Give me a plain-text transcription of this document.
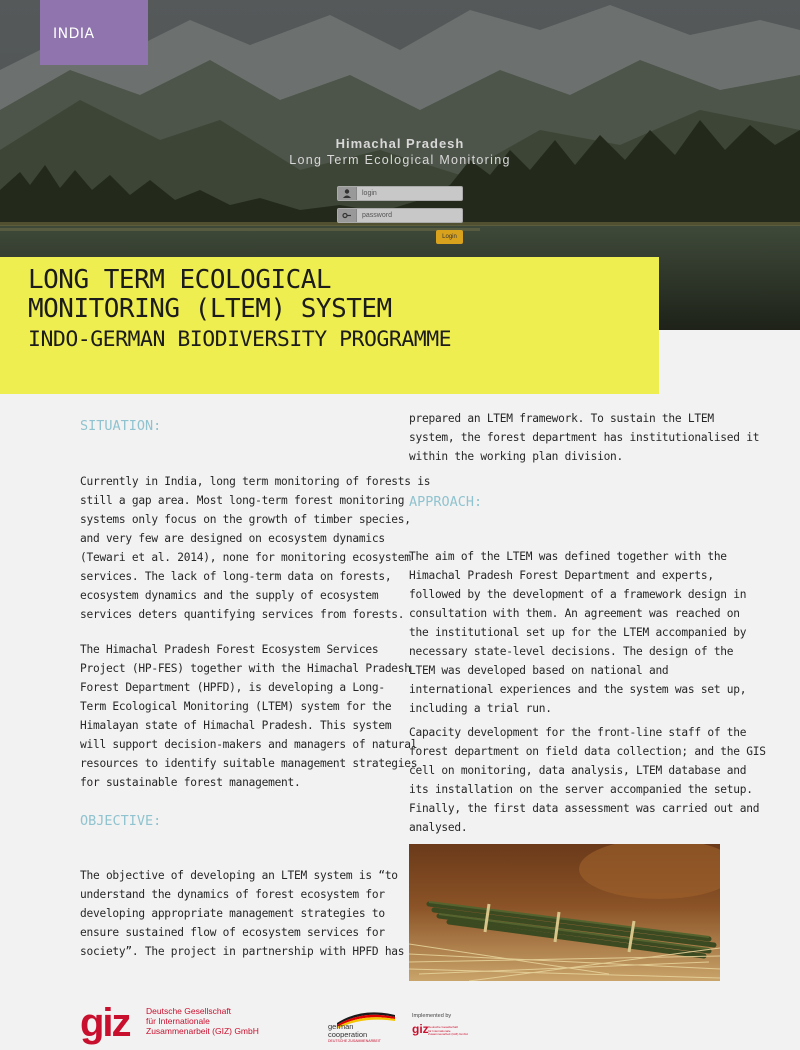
Himachal Pradesh
Long Term Ecological Monitoring
login
password
Login
INDIA
LONG TERM ECOLOGICAL
MONITORING (LTEM) SYSTEM
INDO-GERMAN BIODIVERSITY PROGRAMME
SITUATION:

Currently in India, long term monitoring of forests is
still a gap area. Most long-term forest monitoring
systems only focus on the growth of timber species,
and very few are designed on ecosystem dynamics
(Tewari et al. 2014), none for monitoring ecosystem
services. The lack of long-term data on forests,
ecosystem dynamics and the supply of ecosystem
services deters quantifying services from forests.

The Himachal Pradesh Forest Ecosystem Services
Project (HP-FES) together with the Himachal Pradesh
Forest Department (HPFD), is developing a Long-
Term Ecological Monitoring (LTEM) system for the
Himalayan state of Himachal Pradesh. This system
will support decision-makers and managers of natural
resources to identify suitable management strategies
for sustainable forest management.

OBJECTIVE:

The objective of developing an LTEM system is “to
understand the dynamics of forest ecosystem for
developing appropriate management strategies to
ensure sustained flow of ecosystem services for
society”. The project in partnership with HPFD has

prepared an LTEM framework. To sustain the LTEM
system, the forest department has institutionalised it
within the working plan division.

APPROACH:

The aim of the LTEM was defined together with the
Himachal Pradesh Forest Department and experts,
followed by the development of a framework design in
consultation with them. An agreement was reached on
the institutional set up for the LTEM accompanied by
necessary state-level decisions. The design of the
LTEM was developed based on national and
international experiences and the system was set up,
including a trial run.

Capacity development for the front-line staff of the
forest department on field data collection; and the GIS
cell on monitoring, data analysis, LTEM database and
its installation on the server accompanied the setup.
Finally, the first data assessment was carried out and
analysed.

giz Deutsche Gesellschaft
für Internationale
Zusammenarbeit (GIZ) GmbH	german
cooperation
DEUTSCHE ZUSAMMENARBEIT
Implemented by
giz Deutsche Gesellschaft
für Internationale
Zusammenarbeit (GIZ) GmbH
